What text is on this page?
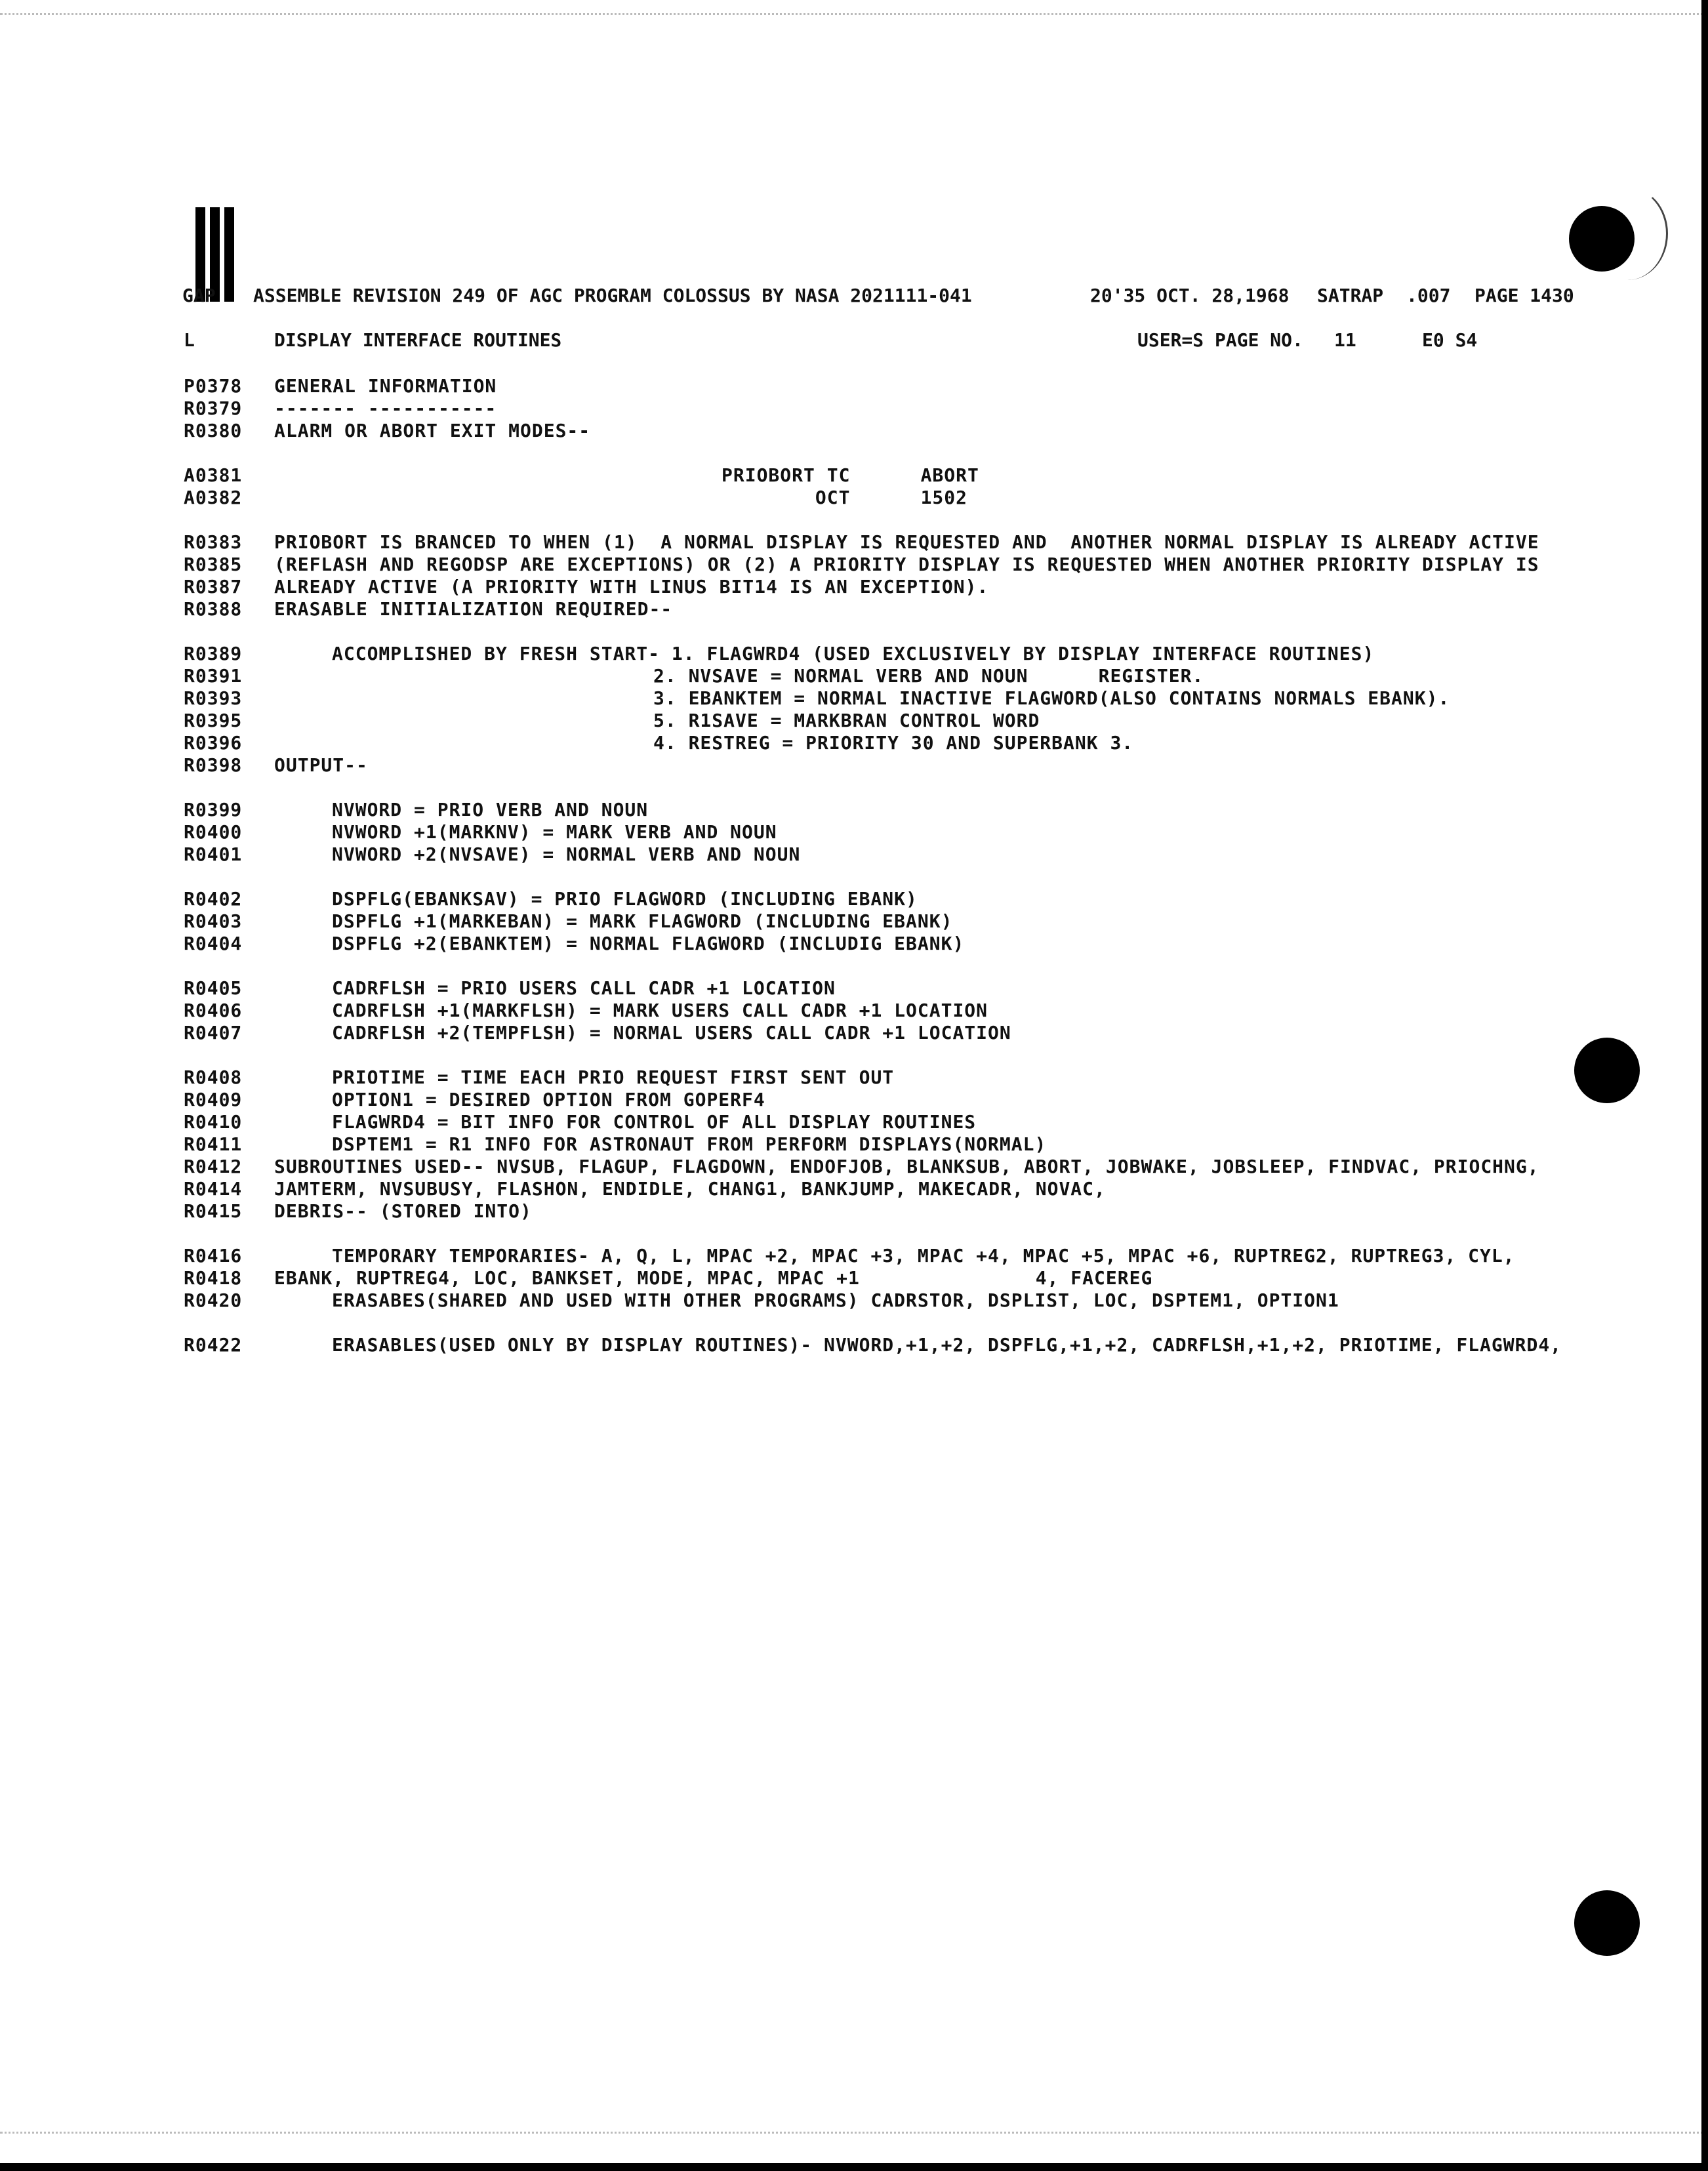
GAP ASSEMBLE REVISION 249 OF AGC PROGRAM COLOSSUS BY NASA 2021111-041	20'35 OCT. 28,1968 SATRAP .007 PAGE 1430
L	DISPLAY INTERFACE ROUTINES	USER=S PAGE NO. 11	E0 S4
P0378 GENERAL INFORMATION
R0379 ------- -----------
R0380 ALARM OR ABORT EXIT MODES--
A0381	PRIOBORT TC      ABORT
A0382	OCT      1502
R0383 PRIOBORT IS BRANCED TO WHEN (1)  A NORMAL DISPLAY IS REQUESTED AND  ANOTHER NORMAL DISPLAY IS ALREADY ACTIVE
R0385 (REFLASH AND REGODSP ARE EXCEPTIONS) OR (2) A PRIORITY DISPLAY IS REQUESTED WHEN ANOTHER PRIORITY DISPLAY IS
R0387 ALREADY ACTIVE (A PRIORITY WITH LINUS BIT14 IS AN EXCEPTION).
R0388 ERASABLE INITIALIZATION REQUIRED--
R0389	ACCOMPLISHED BY FRESH START- 1. FLAGWRD4 (USED EXCLUSIVELY BY DISPLAY INTERFACE ROUTINES)
R0391	2. NVSAVE = NORMAL VERB AND NOUN      REGISTER.
R0393	3. EBANKTEM = NORMAL INACTIVE FLAGWORD(ALSO CONTAINS NORMALS EBANK).
R0395	5. R1SAVE = MARKBRAN CONTROL WORD
R0396	4. RESTREG = PRIORITY 30 AND SUPERBANK 3.
R0398 OUTPUT--
R0399	NVWORD = PRIO VERB AND NOUN
R0400	NVWORD +1(MARKNV) = MARK VERB AND NOUN
R0401	NVWORD +2(NVSAVE) = NORMAL VERB AND NOUN
R0402	DSPFLG(EBANKSAV) = PRIO FLAGWORD (INCLUDING EBANK)
R0403	DSPFLG +1(MARKEBAN) = MARK FLAGWORD (INCLUDING EBANK)
R0404	DSPFLG +2(EBANKTEM) = NORMAL FLAGWORD (INCLUDIG EBANK)
R0405	CADRFLSH = PRIO USERS CALL CADR +1 LOCATION
R0406	CADRFLSH +1(MARKFLSH) = MARK USERS CALL CADR +1 LOCATION
R0407	CADRFLSH +2(TEMPFLSH) = NORMAL USERS CALL CADR +1 LOCATION
R0408	PRIOTIME = TIME EACH PRIO REQUEST FIRST SENT OUT
R0409	OPTION1 = DESIRED OPTION FROM GOPERF4
R0410	FLAGWRD4 = BIT INFO FOR CONTROL OF ALL DISPLAY ROUTINES
R0411	DSPTEM1 = R1 INFO FOR ASTRONAUT FROM PERFORM DISPLAYS(NORMAL)
R0412 SUBROUTINES USED-- NVSUB, FLAGUP, FLAGDOWN, ENDOFJOB, BLANKSUB, ABORT, JOBWAKE, JOBSLEEP, FINDVAC, PRIOCHNG,
R0414 JAMTERM, NVSUBUSY, FLASHON, ENDIDLE, CHANG1, BANKJUMP, MAKECADR, NOVAC,
R0415 DEBRIS-- (STORED INTO)
R0416	TEMPORARY TEMPORARIES- A, Q, L, MPAC +2, MPAC +3, MPAC +4, MPAC +5, MPAC +6, RUPTREG2, RUPTREG3, CYL,
R0418 EBANK, RUPTREG4, LOC, BANKSET, MODE, MPAC, MPAC +1               4, FACEREG
R0420	ERASABES(SHARED AND USED WITH OTHER PROGRAMS) CADRSTOR, DSPLIST, LOC, DSPTEM1, OPTION1
R0422	ERASABLES(USED ONLY BY DISPLAY ROUTINES)- NVWORD,+1,+2, DSPFLG,+1,+2, CADRFLSH,+1,+2, PRIOTIME, FLAGWRD4,
